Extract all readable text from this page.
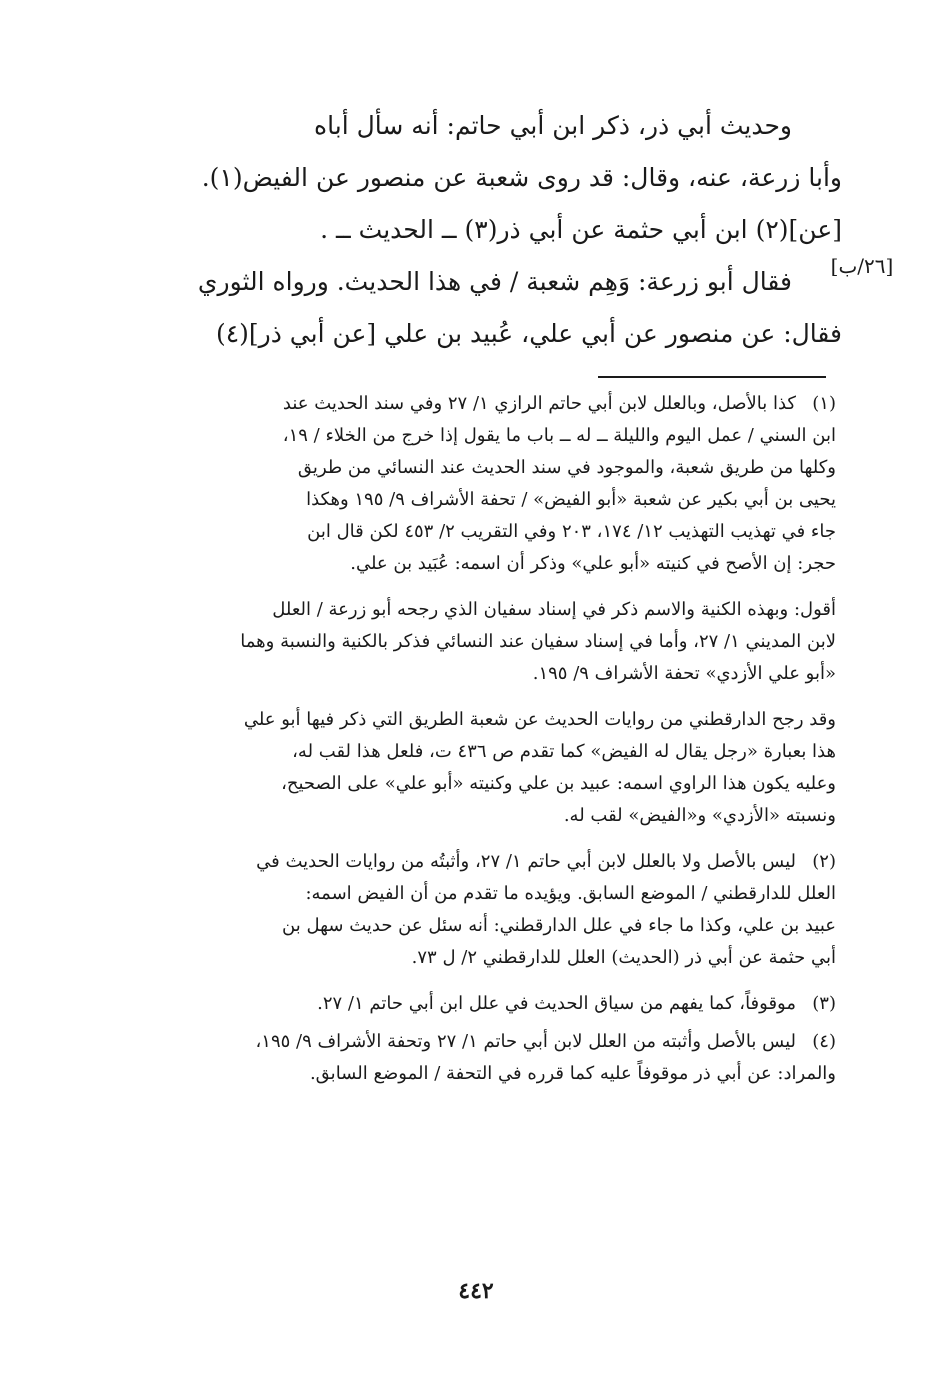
وحديث أبي ذر، ذكر ابن أبي حاتم: أنه سأل أباه
وأبا زرعة، عنه، وقال: قد روى شعبة عن منصور عن الفيض(١).
[عن](٢) ابن أبي حثمة عن أبي ذر(٣) ــ الحديث ــ .
فقال أبو زرعة: وَهِم شعبة / في هذا الحديث. ورواه الثوري
فقال: عن منصور عن أبي علي، عُبيد بن علي [عن أبي ذر](٤)
[٢٦/ب]
(١)كذا بالأصل، وبالعلل لابن أبي حاتم الرازي ١/ ٢٧ وفي سند الحديث عند
ابن السني / عمل اليوم والليلة ــ له ــ باب ما يقول إذا خرج من الخلاء / ١٩،
وكلها من طريق شعبة، والموجود في سند الحديث عند النسائي من طريق
يحيى بن أبي بكير عن شعبة «أبو الفيض» / تحفة الأشراف ٩/ ١٩٥ وهكذا
جاء في تهذيب التهذيب ١٢/ ١٧٤، ٢٠٣ وفي التقريب ٢/ ٤٥٣ لكن قال ابن
حجر: إن الأصح في كنيته «أبو علي» وذكر أن اسمه: عُبَيد بن علي.
أقول: وبهذه الكنية والاسم ذكر في إسناد سفيان الذي رجحه أبو زرعة / العلل
لابن المديني ١/ ٢٧، وأما في إسناد سفيان عند النسائي فذكر بالكنية والنسبة وهما
«أبو علي الأزدي» تحفة الأشراف ٩/ ١٩٥.
وقد رجح الدارقطني من روايات الحديث عن شعبة الطريق التي ذكر فيها أبو علي
هذا بعبارة «رجل يقال له الفيض» كما تقدم ص ٤٣٦ ت، فلعل هذا لقب له،
وعليه يكون هذا الراوي اسمه: عبيد بن علي وكنيته «أبو علي» على الصحيح،
ونسبته «الأزدي» و«الفيض» لقب له.
(٢)ليس بالأصل ولا بالعلل لابن أبي حاتم ١/ ٢٧، وأثبتُه من روايات الحديث في
العلل للدارقطني / الموضع السابق. ويؤيده ما تقدم من أن الفيض اسمه:
عبيد بن علي، وكذا ما جاء في علل الدارقطني: أنه سئل عن حديث سهل بن
أبي حثمة عن أبي ذر (الحديث) العلل للدارقطني ٢/ ل ٧٣.
(٣)موقوفاً، كما يفهم من سياق الحديث في علل ابن أبي حاتم ١/ ٢٧.
(٤)ليس بالأصل وأثبته من العلل لابن أبي حاتم ١/ ٢٧ وتحفة الأشراف ٩/ ١٩٥،
والمراد: عن أبي ذر موقوفاً عليه كما قرره في التحفة / الموضع السابق.
٤٤٢
